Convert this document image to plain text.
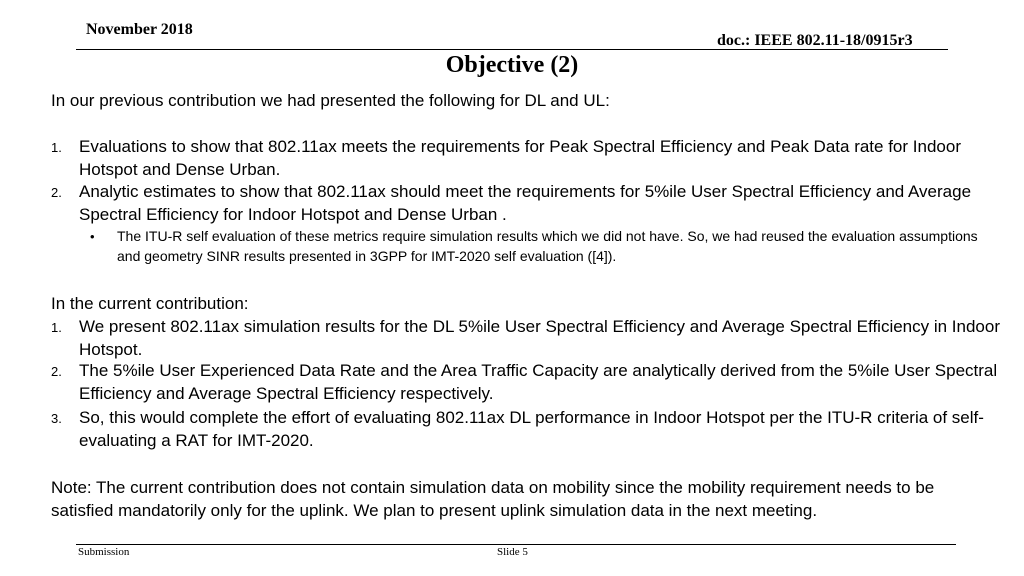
November 2018
doc.: IEEE 802.11-18/0915r3
Objective (2)
In our previous contribution we had presented the following for DL and UL:
1. Evaluations to show that 802.11ax meets the requirements for Peak Spectral Efficiency and Peak Data rate for Indoor Hotspot and Dense Urban.
2. Analytic estimates to show that 802.11ax should meet the requirements for 5%ile User Spectral Efficiency and Average Spectral Efficiency for Indoor Hotspot and Dense Urban .
• The ITU-R self evaluation of these metrics require simulation results which we did not have. So, we had reused the evaluation assumptions and geometry SINR results presented in 3GPP for IMT-2020 self evaluation ([4]).
In the current contribution:
1. We present 802.11ax simulation results for the DL 5%ile User Spectral Efficiency and Average Spectral Efficiency in Indoor Hotspot.
2. The 5%ile User Experienced Data Rate and the Area Traffic Capacity are analytically derived from the 5%ile User Spectral Efficiency and Average Spectral Efficiency respectively.
3. So, this would complete the effort of evaluating 802.11ax DL performance in Indoor Hotspot per the ITU-R criteria of self-evaluating a RAT for IMT-2020.
Note: The current contribution does not contain simulation data on mobility since the mobility requirement needs to be satisfied mandatorily only for the uplink. We plan to present uplink simulation data in the next meeting.
Submission	Slide 5
